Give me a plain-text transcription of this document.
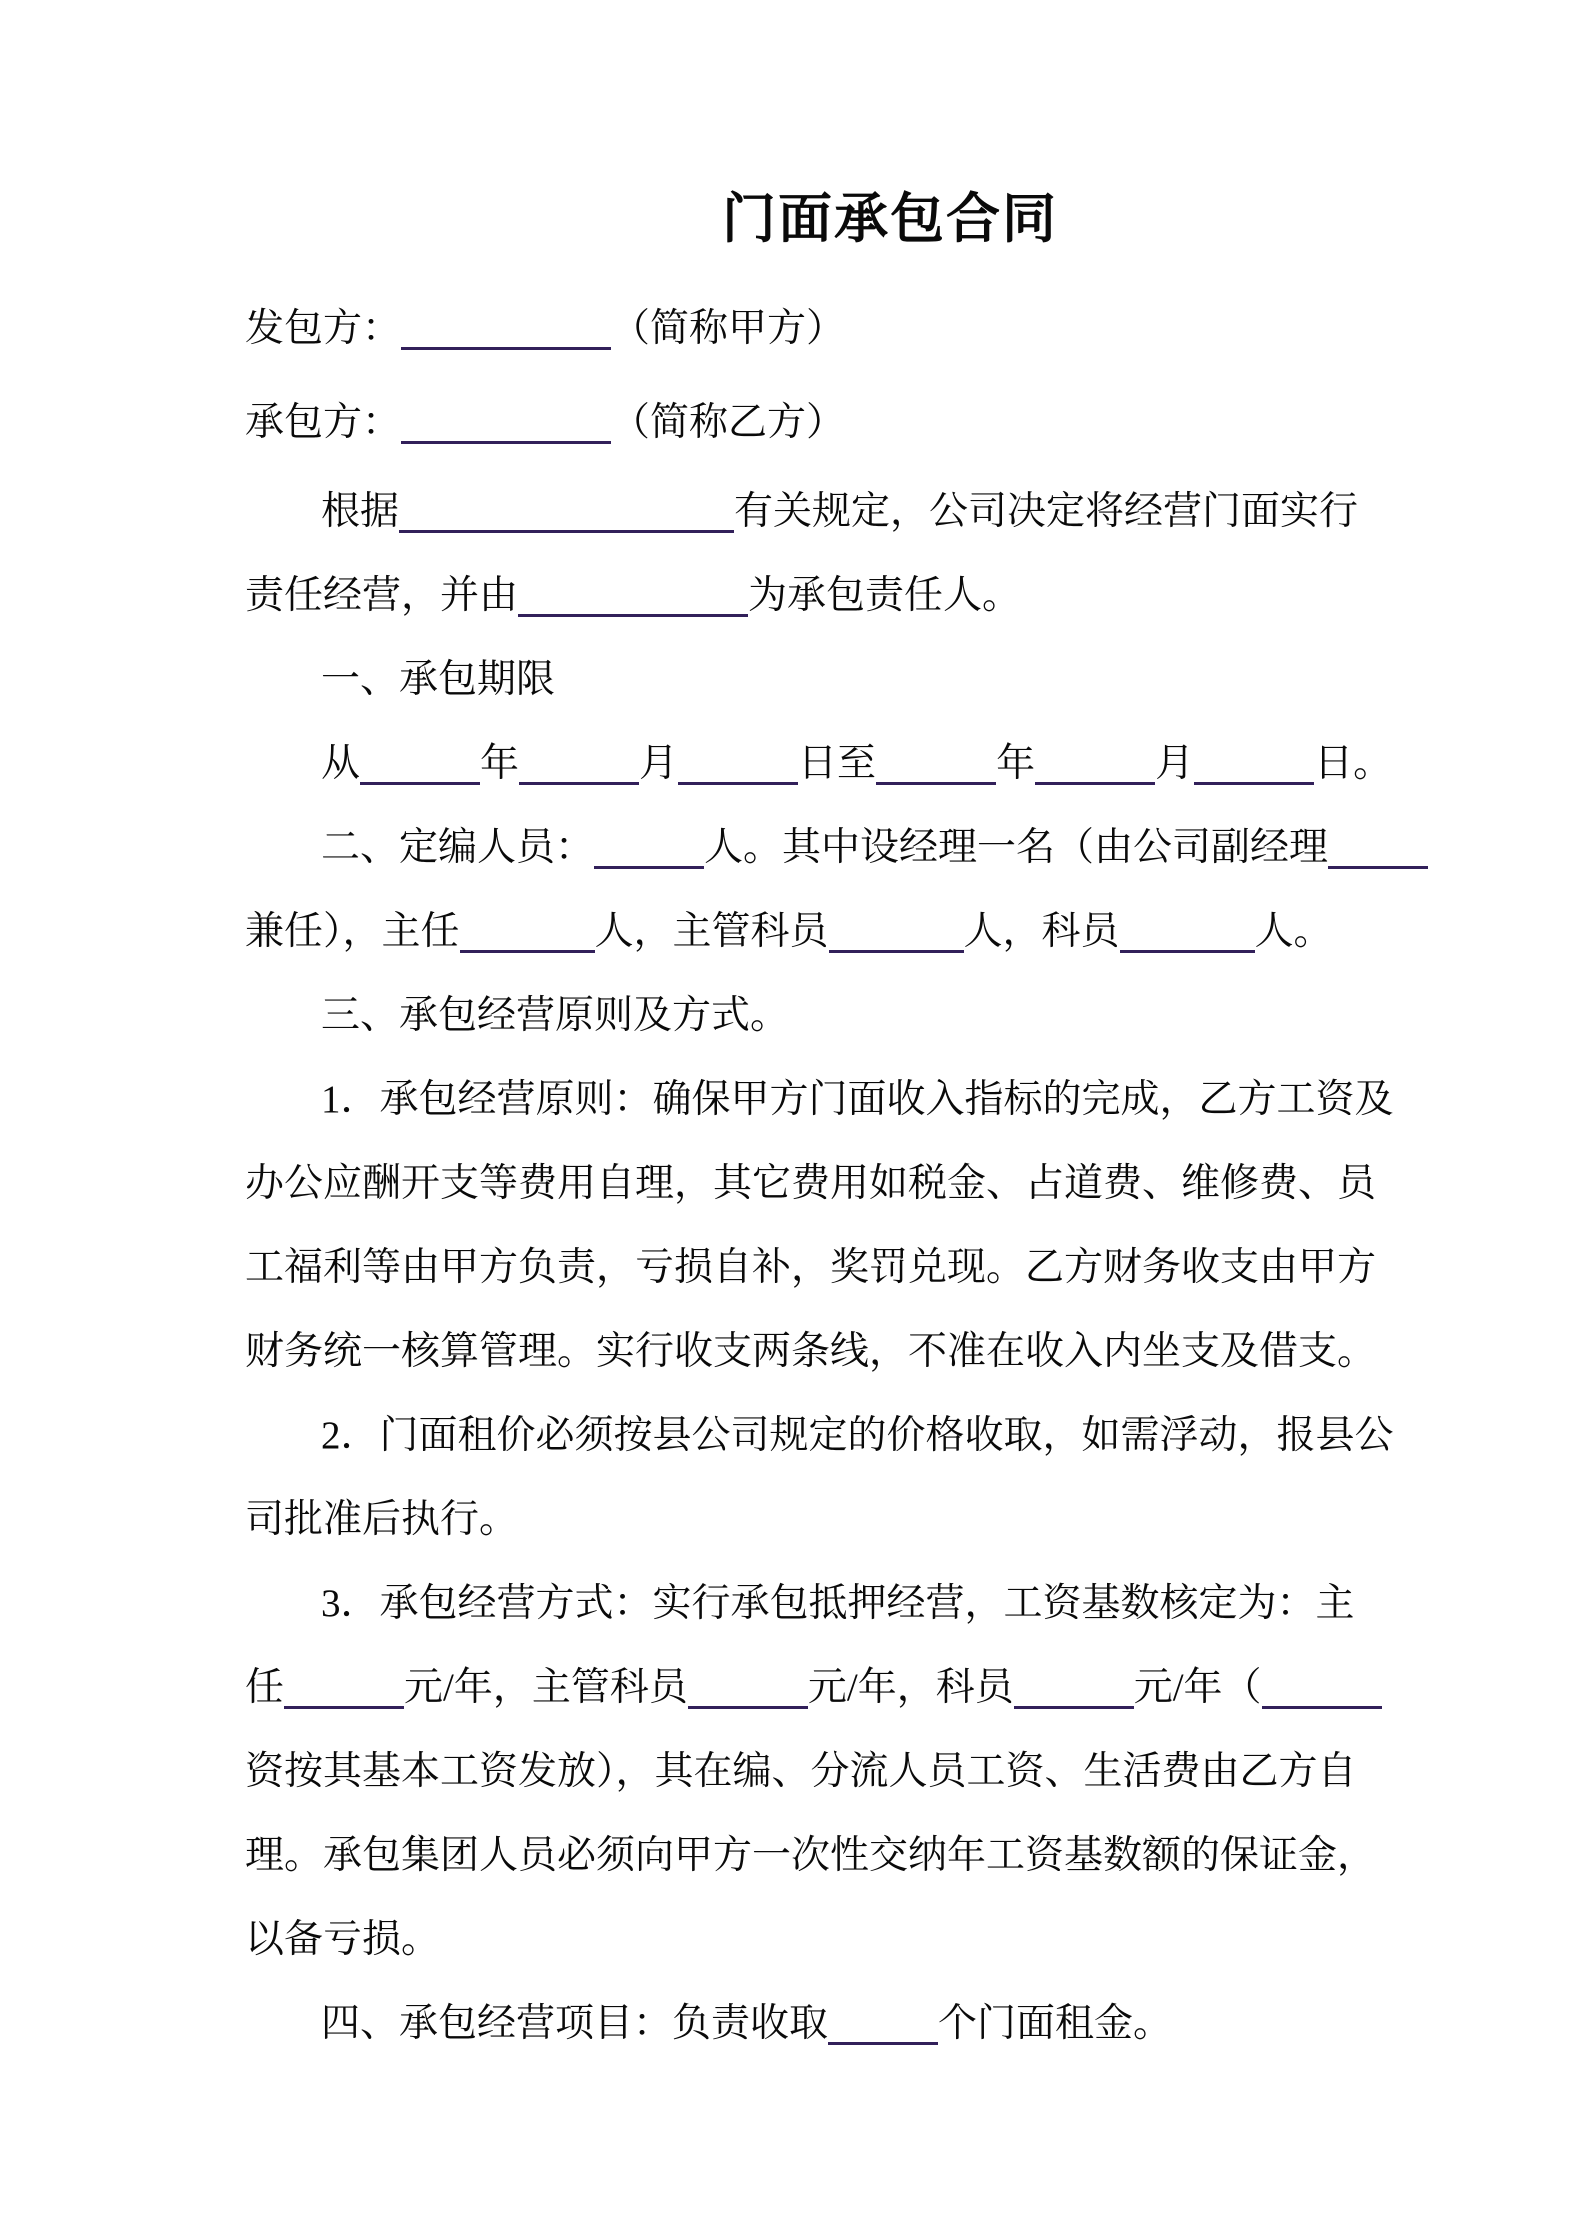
门面承包合同
发包方：	（简称甲方）
承包方：	（简称乙方）
根据	有关规定，公司决定将经营门面实行
责任经营，并由	为承包责任人。
一、承包期限
从	年	月	日至	年	月	日。
二、定编人员：	人。其中设经理一名（由公司副经理
兼任），主任	人，主管科员	人，科员	人。
三、承包经营原则及方式。
1．承包经营原则：确保甲方门面收入指标的完成，乙方工资及
办公应酬开支等费用自理，其它费用如税金、占道费、维修费、员
工福利等由甲方负责，亏损自补，奖罚兑现。乙方财务收支由甲方
财务统一核算管理。实行收支两条线，不准在收入内坐支及借支。
2．门面租价必须按县公司规定的价格收取，如需浮动，报县公
司批准后执行。
3．承包经营方式：实行承包抵押经营，工资基数核定为：主
任	元/年，主管科员	元/年，科员	元/年（
资按其基本工资发放），其在编、分流人员工资、生活费由乙方自
理。承包集团人员必须向甲方一次性交纳年工资基数额的保证金，
以备亏损。
四、承包经营项目：负责收取	个门面租金。
